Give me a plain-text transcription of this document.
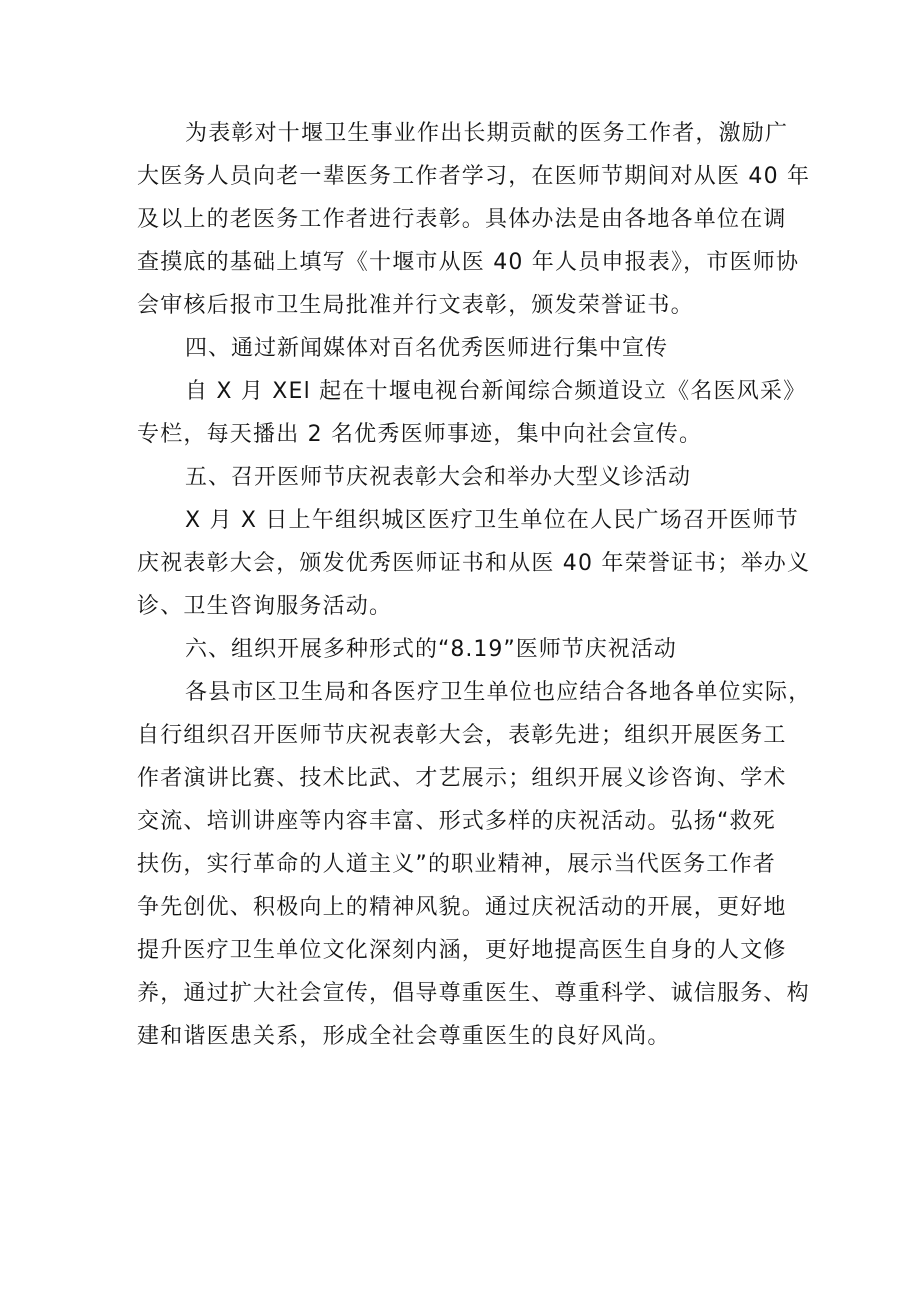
为表彰对十堰卫生事业作出长期贡献的医务工作者，激励广
大医务人员向老一辈医务工作者学习，在医师节期间对从医 40 年
及以上的老医务工作者进行表彰。具体办法是由各地各单位在调
查摸底的基础上填写《十堰市从医 40 年人员申报表》，市医师协
会审核后报市卫生局批准并行文表彰，颁发荣誉证书。
四、通过新闻媒体对百名优秀医师进行集中宣传
自 X 月 XEl 起在十堰电视台新闻综合频道设立《名医风采》
专栏，每天播出 2 名优秀医师事迹，集中向社会宣传。
五、召开医师节庆祝表彰大会和举办大型义诊活动
X 月 X 日上午组织城区医疗卫生单位在人民广场召开医师节
庆祝表彰大会，颁发优秀医师证书和从医 40 年荣誉证书；举办义
诊、卫生咨询服务活动。
六、组织开展多种形式的“8.19”医师节庆祝活动
各县市区卫生局和各医疗卫生单位也应结合各地各单位实际，
自行组织召开医师节庆祝表彰大会，表彰先进；组织开展医务工
作者演讲比赛、技术比武、才艺展示；组织开展义诊咨询、学术
交流、培训讲座等内容丰富、形式多样的庆祝活动。弘扬“救死
扶伤，实行革命的人道主义”的职业精神，展示当代医务工作者
争先创优、积极向上的精神风貌。通过庆祝活动的开展，更好地
提升医疗卫生单位文化深刻内涵，更好地提高医生自身的人文修
养，通过扩大社会宣传，倡导尊重医生、尊重科学、诚信服务、构
建和谐医患关系，形成全社会尊重医生的良好风尚。
